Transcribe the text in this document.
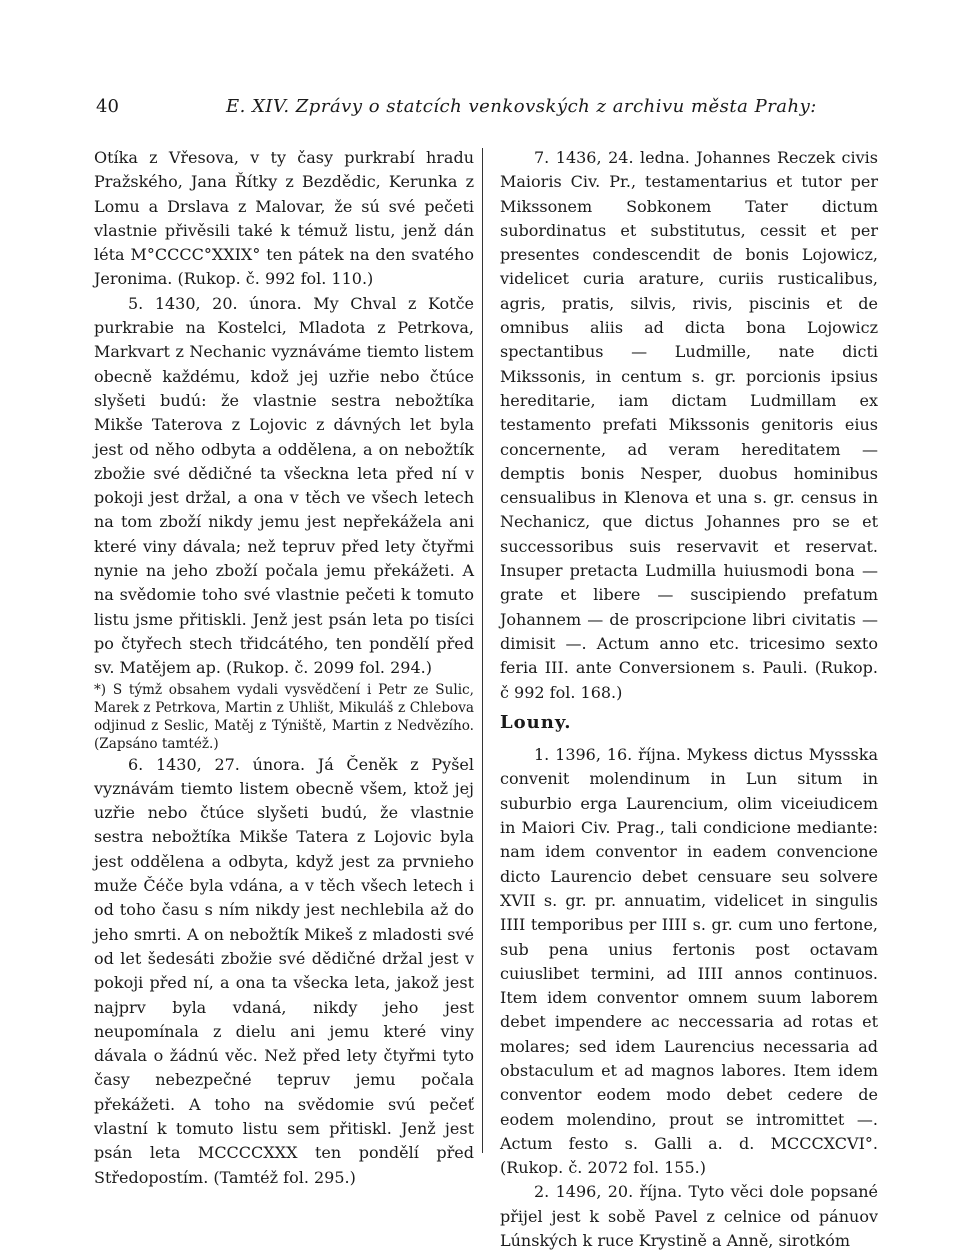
40	E. XIV. Zprávy o statcích venkovských z archivu města Prahy:

Otíka z Vřesova, v ty časy purkrabí hradu Pražského, Jana Řítky z Bezdědic, Kerunka z Lomu a Drslava z Malovar, že sú své pečeti vlastnie přivěsili také k témuž listu, jenž dán léta M°CCCC°XXIX° ten pátek na den svatého Jeronima. (Rukop. č. 992 fol. 110.)

5. 1430, 20. února. My Chval z Kotče purkrabie na Kostelci, Mladota z Petrkova, Markvart z Nechanic vyznáváme tiemto listem obecně každému, kdož jej uzřie nebo čtúce slyšeti budú: že vlastnie sestra nebožtíka Mikše Taterova z Lojovic z dávných let byla jest od něho odbyta a oddělena, a on nebožtík zbožie své dědičné ta všeckna leta před ní v pokoji jest držal, a ona v těch ve všech letech na tom zboží nikdy jemu jest nepřekážela ani které viny dávala; než tepruv před lety čtyřmi nynie na jeho zboží počala jemu překážeti. A na svědomie toho své vlastnie pečeti k tomuto listu jsme přitiskli. Jenž jest psán leta po tisíci po čtyřech stech třidcátého, ten pondělí před sv. Matějem ap. (Rukop. č. 2099 fol. 294.)

*) S týmž obsahem vydali vysvědčení i Petr ze Sulic, Marek z Petrkova, Martin z Uhlišt, Mikuláš z Chlebova odjinud z Seslic, Matěj z Týniště, Martin z Nedvězího. (Zapsáno tamtéž.)

6. 1430, 27. února. Já Čeněk z Pyšel vyznávám tiemto listem obecně všem, ktož jej uzřie nebo čtúce slyšeti budú, že vlastnie sestra nebožtíka Mikše Tatera z Lojovic byla jest oddělena a odbyta, když jest za prvnieho muže Čéče byla vdána, a v těch všech letech i od toho času s ním nikdy jest nechlebila až do jeho smrti. A on nebožtík Mikeš z mladosti své od let šedesáti zbožie své dědičné držal jest v pokoji před ní, a ona ta všecka leta, jakož jest najprv byla vdaná, nikdy jeho jest neupomínala z dielu ani jemu které viny dávala o žádnú věc. Než před lety čtyřmi tyto časy nebezpečné tepruv jemu počala překážeti. A toho na svědomie svú pečeť vlastní k tomuto listu sem přitiskl. Jenž jest psán leta MCCCCXXX ten pondělí před Středopostím. (Tamtéž fol. 295.)

7. 1436, 24. ledna. Johannes Reczek civis Maioris Civ. Pr., testamentarius et tutor per Mikssonem Sobkonem Tater dictum subordinatus et substitutus, cessit et per presentes condescendit de bonis Lojowicz, videlicet curia arature, curiis rusticalibus, agris, pratis, silvis, rivis, piscinis et de omnibus aliis ad dicta bona Lojowicz spectantibus — Ludmille, nate dicti Mikssonis, in centum s. gr. porcionis ipsius hereditarie, iam dictam Ludmillam ex testamento prefati Mikssonis genitoris eius concernente, ad veram hereditatem — demptis bonis Nesper, duobus hominibus censualibus in Klenova et una s. gr. census in Nechanicz, que dictus Johannes pro se et successoribus suis reservavit et reservat. Insuper pretacta Ludmilla huiusmodi bona — grate et libere — suscipiendo prefatum Johannem — de proscripcione libri civitatis — dimisit —. Actum anno etc. tricesimo sexto feria III. ante Conversionem s. Pauli. (Rukop. č 992 fol. 168.)

Louny.

1. 1396, 16. října. Mykess dictus Myssska convenit molendinum in Lun situm in suburbio erga Laurencium, olim viceiudicem in Maiori Civ. Prag., tali condicione mediante: nam idem conventor in eadem convencione dicto Laurencio debet censuare seu solvere XVII s. gr. pr. annuatim, videlicet in singulis IIII temporibus per IIII s. gr. cum uno fertone, sub pena unius fertonis post octavam cuiuslibet termini, ad IIII annos continuos. Item idem conventor omnem suum laborem debet impendere ac neccessaria ad rotas et molares; sed idem Laurencius necessaria ad obstaculum et ad magnos labores. Item idem conventor eodem modo debet cedere de eodem molendino, prout se intromittet —. Actum festo s. Galli a. d. MCCCXCVI°. (Rukop. č. 2072 fol. 155.)

2. 1496, 20. října. Tyto věci dole popsané přijel jest k sobě Pavel z celnice od pánuov Lúnských k ruce Krystině a Anně, sirotkóm
